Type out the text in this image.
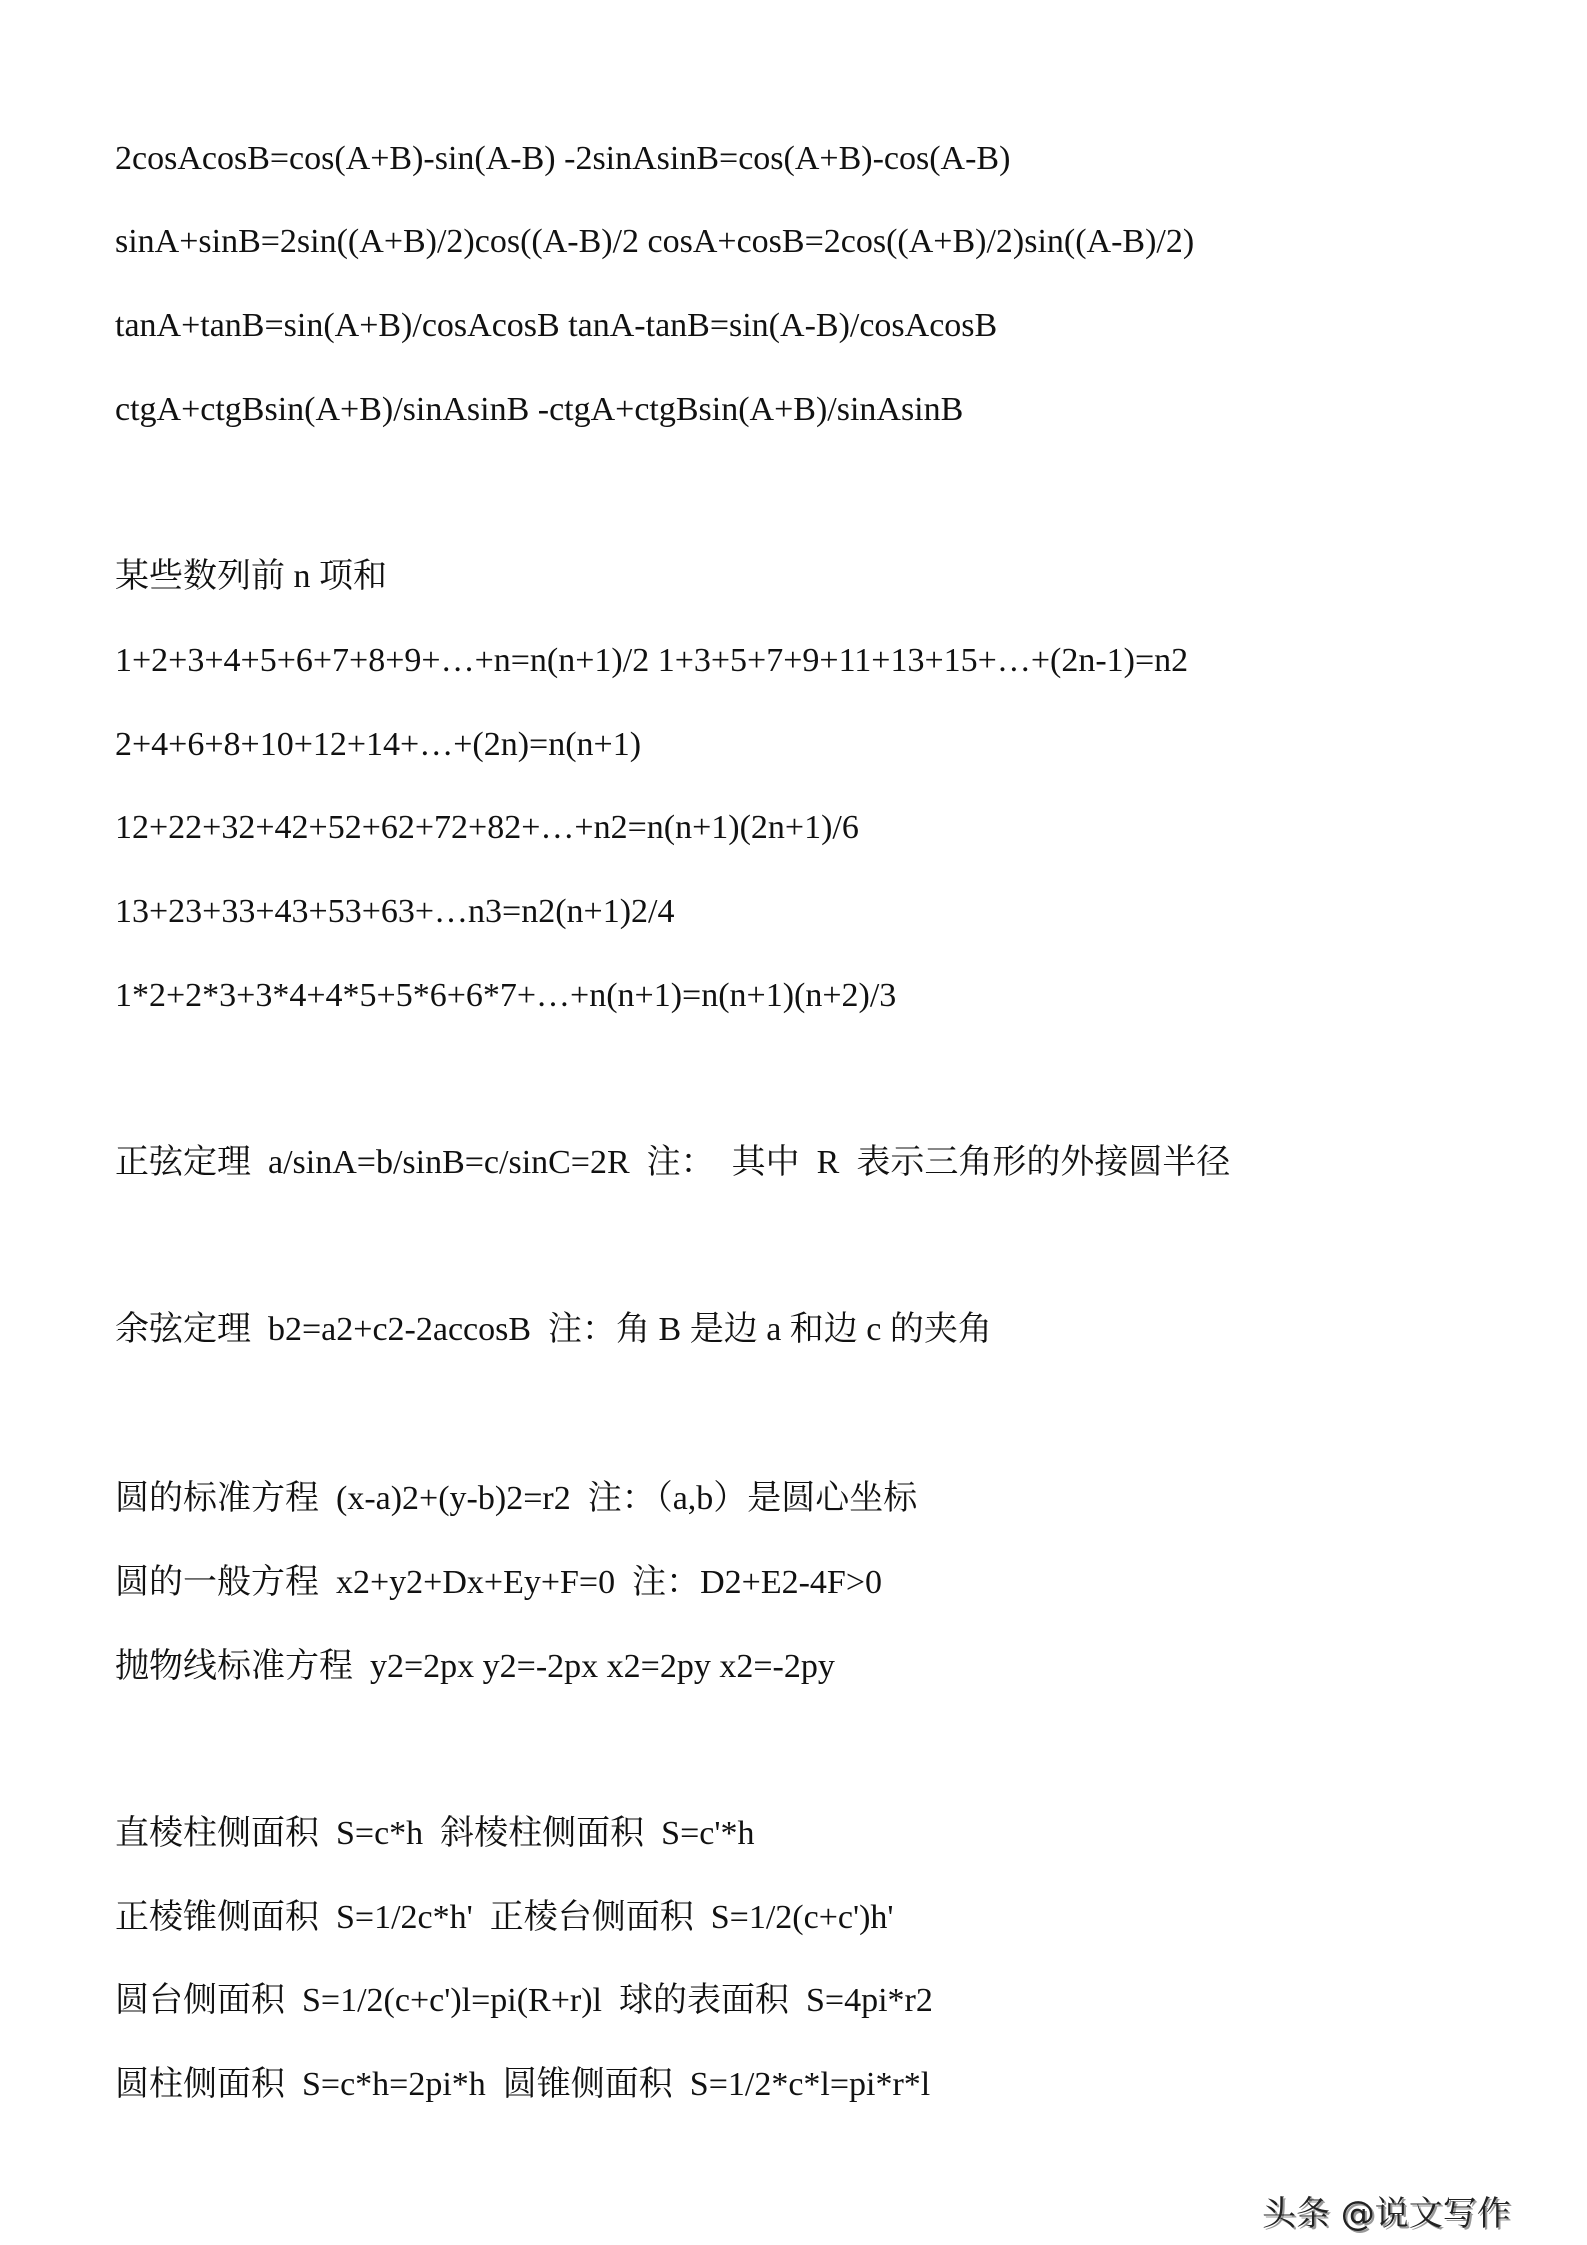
2cosAcosB=cos(A+B)-sin(A-B) -2sinAsinB=cos(A+B)-cos(A-B)
sinA+sinB=2sin((A+B)/2)cos((A-B)/2 cosA+cosB=2cos((A+B)/2)sin((A-B)/2)
tanA+tanB=sin(A+B)/cosAcosB tanA-tanB=sin(A-B)/cosAcosB
ctgA+ctgBsin(A+B)/sinAsinB -ctgA+ctgBsin(A+B)/sinAsinB
某些数列前 n 项和
1+2+3+4+5+6+7+8+9+…+n=n(n+1)/2 1+3+5+7+9+11+13+15+…+(2n-1)=n2
2+4+6+8+10+12+14+…+(2n)=n(n+1)
12+22+32+42+52+62+72+82+…+n2=n(n+1)(2n+1)/6
13+23+33+43+53+63+…n3=n2(n+1)2/4
1*2+2*3+3*4+4*5+5*6+6*7+…+n(n+1)=n(n+1)(n+2)/3
正弦定理  a/sinA=b/sinB=c/sinC=2R  注：  其中  R  表示三角形的外接圆半径
余弦定理  b2=a2+c2-2accosB  注：角 B 是边 a 和边 c 的夹角
圆的标准方程  (x-a)2+(y-b)2=r2  注：（a,b）是圆心坐标
圆的一般方程  x2+y2+Dx+Ey+F=0  注：D2+E2-4F>0
抛物线标准方程  y2=2px y2=-2px x2=2py x2=-2py
直棱柱侧面积  S=c*h  斜棱柱侧面积  S=c'*h
正棱锥侧面积  S=1/2c*h'  正棱台侧面积  S=1/2(c+c')h'
圆台侧面积  S=1/2(c+c')l=pi(R+r)l  球的表面积  S=4pi*r2
圆柱侧面积  S=c*h=2pi*h  圆锥侧面积  S=1/2*c*l=pi*r*l
头条 @说文写作
